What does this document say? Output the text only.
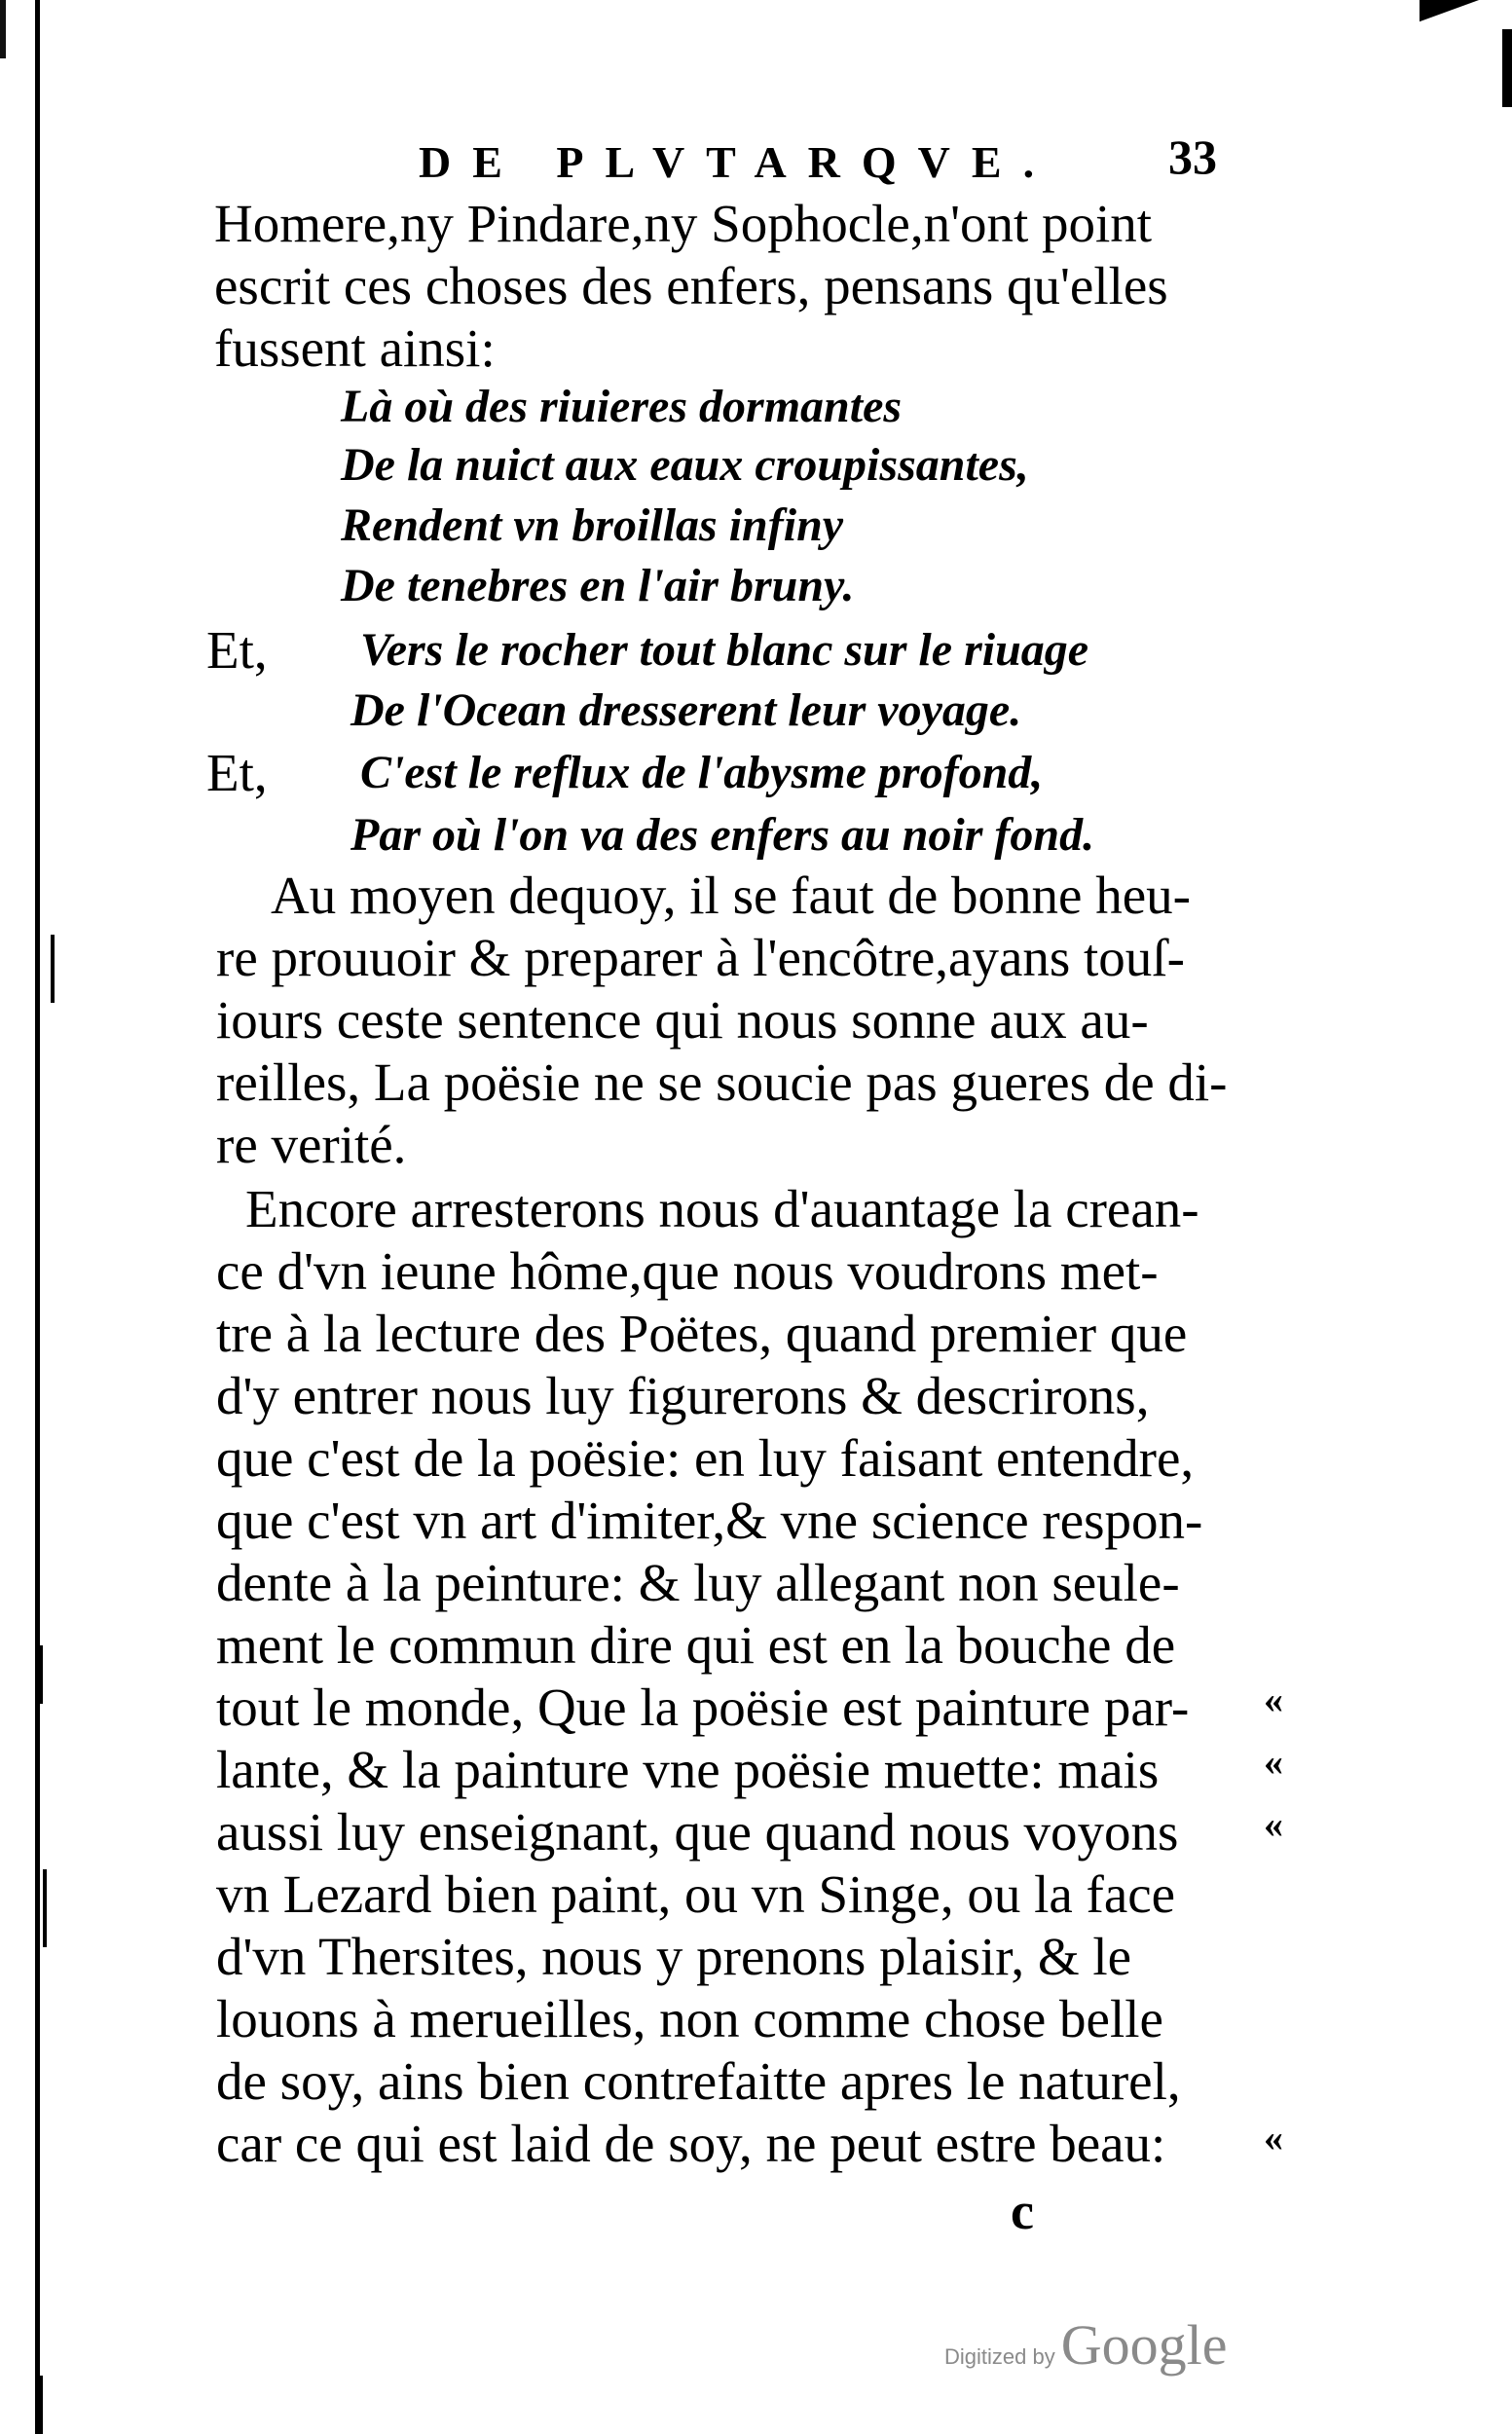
DE PLVTARQVE. 33
Homere,ny Pindare,ny Sophocle,n'ont point
escrit ces choses des enfers, pensans qu'elles
fussent ainsi:
Là où des riuieres dormantes
De la nuict aux eaux croupissantes,
Rendent vn broillas infiny
De tenebres en l'air bruny.
Et, Vers le rocher tout blanc sur le riuage
De l'Ocean dresserent leur voyage.
Et, C'est le reflux de l'abysme profond,
Par où l'on va des enfers au noir fond.
Au moyen dequoy, il se faut de bonne heu-
re prouuoir & preparer à l'encôtre,ayans touſ-
iours ceste sentence qui nous sonne aux au-
reilles, La poësie ne se soucie pas gueres de di-
re verité.
Encore arresterons nous d'auantage la crean-
ce d'vn ieune hôme,que nous voudrons met-
tre à la lecture des Poëtes, quand premier que
d'y entrer nous luy figurerons & descrirons,
que c'est de la poësie: en luy faisant entendre,
que c'est vn art d'imiter,& vne science respon-
dente à la peinture: & luy allegant non seule-
ment le commun dire qui est en la bouche de
tout le monde, Que la poësie est painture par-
lante, & la painture vne poësie muette: mais
aussi luy enseignant, que quand nous voyons
vn Lezard bien paint, ou vn Singe, ou la face
d'vn Thersites, nous y prenons plaisir, & le
louons à merueilles, non comme chose belle
de soy, ains bien contrefaitte apres le naturel,
car ce qui est laid de soy, ne peut estre beau:
«
«
«
«
c
Digitized by Google
